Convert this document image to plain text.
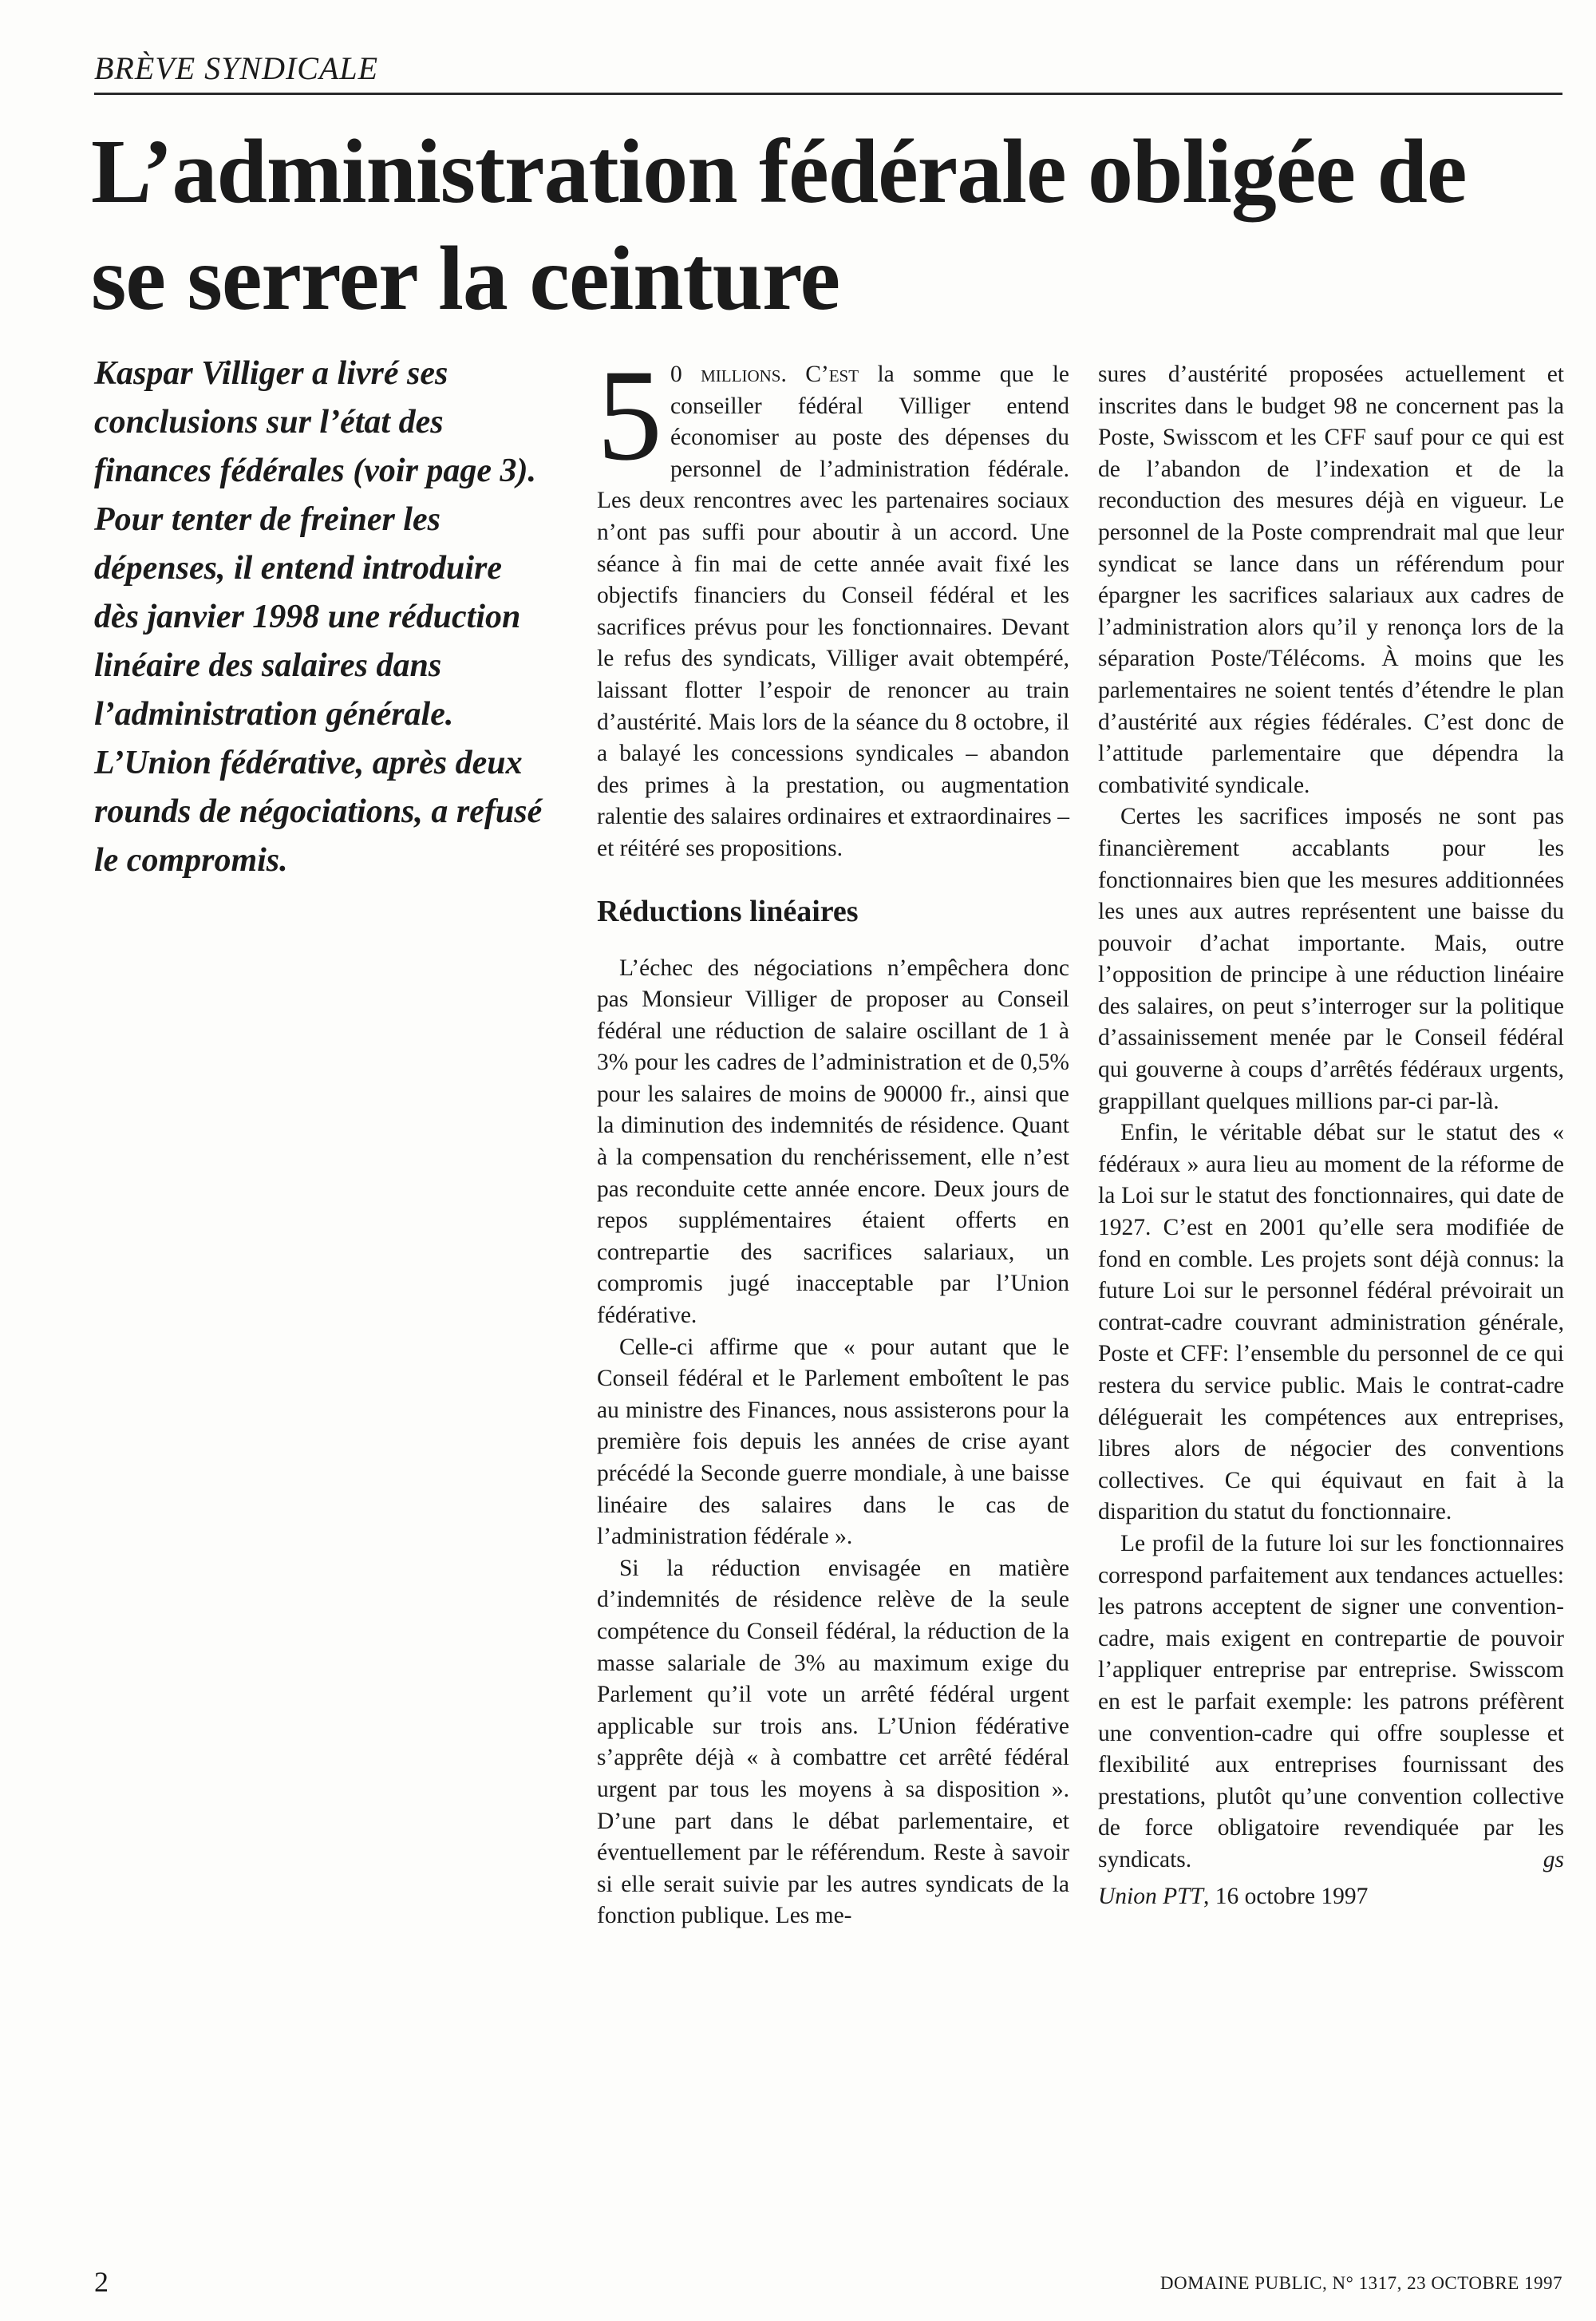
BRÈVE SYNDICALE
L’administration fédérale obligée de se serrer la ceinture

Kaspar Villiger a livré ses conclusions sur l’état des finances fédérales (voir page 3). Pour tenter de freiner les dépenses, il entend introduire dès janvier 1998 une réduction linéaire des salaires dans l’administration générale. L’Union fédérative, après deux rounds de négociations, a refusé le compromis.

5 0 millions. C’est la somme que le conseiller fédéral Villiger entend économiser au poste des dépenses du personnel de l’administration fédérale. Les deux rencontres avec les partenaires sociaux n’ont pas suffi pour aboutir à un accord. Une séance à fin mai de cette année avait fixé les objectifs financiers du Conseil fédéral et les sacrifices prévus pour les fonctionnaires. Devant le refus des syndicats, Villiger avait obtempéré, laissant flotter l’espoir de renoncer au train d’austérité. Mais lors de la séance du 8 octobre, il a balayé les concessions syndicales – abandon des primes à la prestation, ou augmentation ralentie des salaires ordinaires et extraordinaires – et réitéré ses propositions.

Réductions linéaires

L’échec des négociations n’empêchera donc pas Monsieur Villiger de proposer au Conseil fédéral une réduction de salaire oscillant de 1 à 3% pour les cadres de l’administration et de 0,5% pour les salaires de moins de 90000 fr., ainsi que la diminution des indemnités de résidence. Quant à la compensation du renchérissement, elle n’est pas reconduite cette année encore. Deux jours de repos supplémentaires étaient offerts en contrepartie des sacrifices salariaux, un compromis jugé inacceptable par l’Union fédérative.

Celle-ci affirme que « pour autant que le Conseil fédéral et le Parlement emboîtent le pas au ministre des Finances, nous assisterons pour la première fois depuis les années de crise ayant précédé la Seconde guerre mondiale, à une baisse linéaire des salaires dans le cas de l’administration fédérale ».

Si la réduction envisagée en matière d’indemnités de résidence relève de la seule compétence du Conseil fédéral, la réduction de la masse salariale de 3% au maximum exige du Parlement qu’il vote un arrêté fédéral urgent applicable sur trois ans. L’Union fédérative s’apprête déjà « à combattre cet arrêté fédéral urgent par tous les moyens à sa disposition ». D’une part dans le débat parlementaire, et éventuellement par le référendum. Reste à savoir si elle serait suivie par les autres syndicats de la fonction publique. Les me-

sures d’austérité proposées actuellement et inscrites dans le budget 98 ne concernent pas la Poste, Swisscom et les CFF sauf pour ce qui est de l’abandon de l’indexation et de la reconduction des mesures déjà en vigueur. Le personnel de la Poste comprendrait mal que leur syndicat se lance dans un référendum pour épargner les sacrifices salariaux aux cadres de l’administration alors qu’il y renonça lors de la séparation Poste/Télécoms. À moins que les parlementaires ne soient tentés d’étendre le plan d’austérité aux régies fédérales. C’est donc de l’attitude parlementaire que dépendra la combativité syndicale.

Certes les sacrifices imposés ne sont pas financièrement accablants pour les fonctionnaires bien que les mesures additionnées les unes aux autres représentent une baisse du pouvoir d’achat importante. Mais, outre l’opposition de principe à une réduction linéaire des salaires, on peut s’interroger sur la politique d’assainissement menée par le Conseil fédéral qui gouverne à coups d’arrêtés fédéraux urgents, grappillant quelques millions par-ci par-là.

Enfin, le véritable débat sur le statut des « fédéraux » aura lieu au moment de la réforme de la Loi sur le statut des fonctionnaires, qui date de 1927. C’est en 2001 qu’elle sera modifiée de fond en comble. Les projets sont déjà connus: la future Loi sur le personnel fédéral prévoirait un contrat-cadre couvrant administration générale, Poste et CFF: l’ensemble du personnel de ce qui restera du service public. Mais le contrat-cadre déléguerait les compétences aux entreprises, libres alors de négocier des conventions collectives. Ce qui équivaut en fait à la disparition du statut du fonctionnaire.

Le profil de la future loi sur les fonctionnaires correspond parfaitement aux tendances actuelles: les patrons acceptent de signer une convention-cadre, mais exigent en contrepartie de pouvoir l’appliquer entreprise par entreprise. Swisscom en est le parfait exemple: les patrons préfèrent une convention-cadre qui offre souplesse et flexibilité aux entreprises fournissant des prestations, plutôt qu’une convention collective de force obligatoire revendiquée par les syndicats.	gs

Union PTT, 16 octobre 1997
2	DOMAINE PUBLIC, N° 1317, 23 OCTOBRE 1997
